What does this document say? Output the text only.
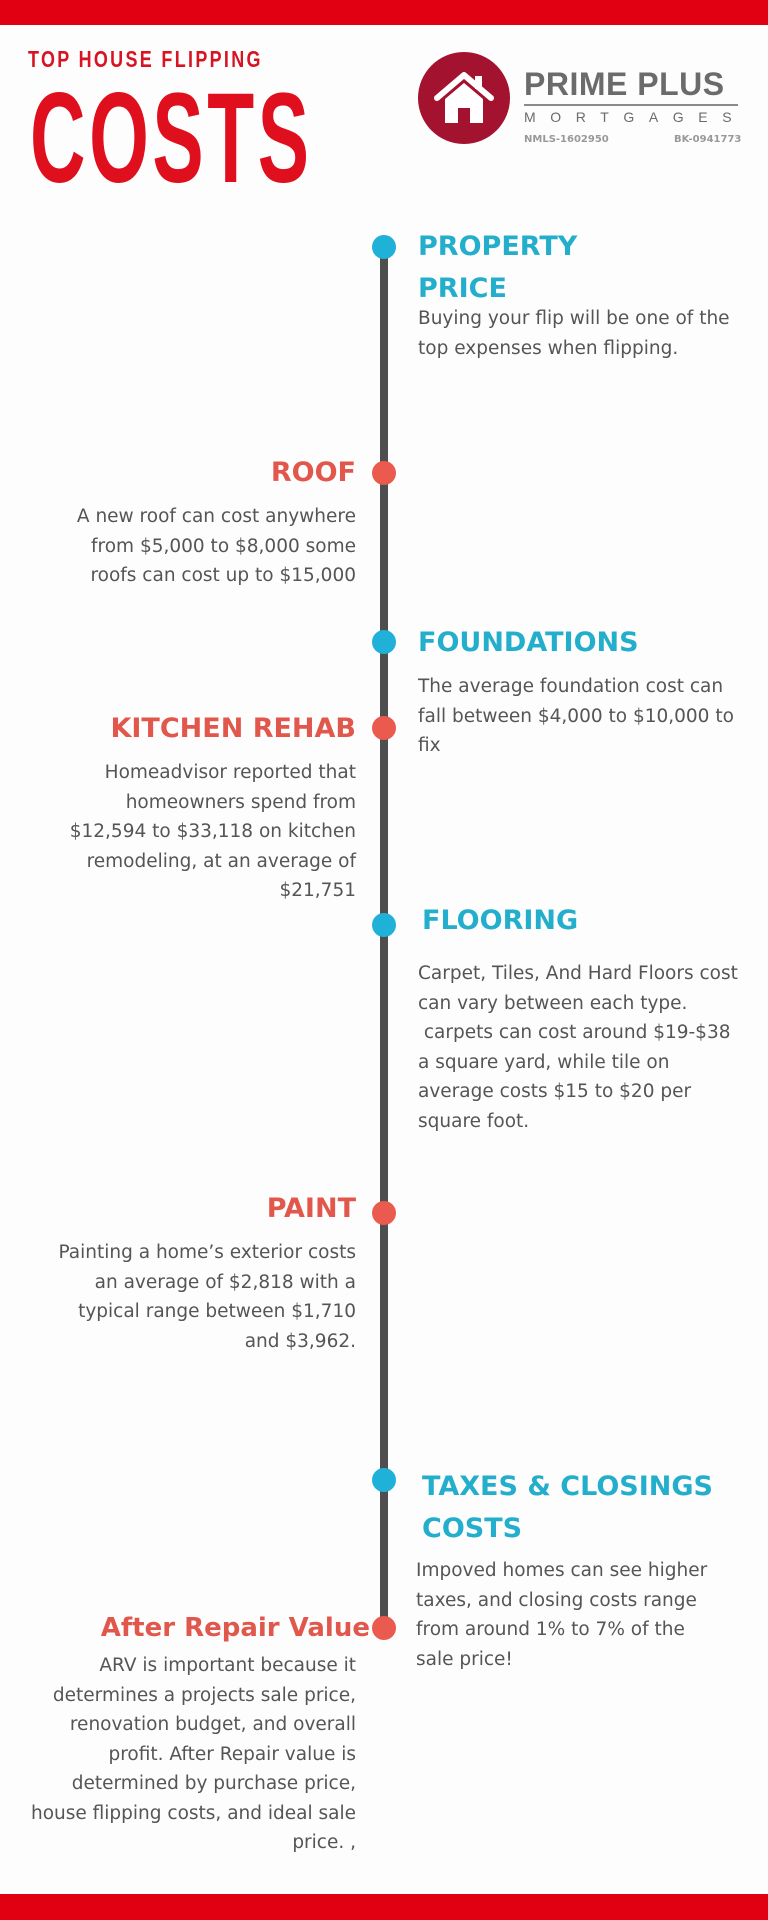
TOP HOUSE FLIPPING
COSTS	PRIME PLUS
MORTGAGES
NMLS-1602950	BK-0941773
PROPERTY
PRICE
Buying your flip will be one of the
top expenses when flipping.
ROOF
A new roof can cost anywhere
from $5,000 to $8,000 some
roofs can cost up to $15,000
FOUNDATIONS
The average foundation cost can
fall between $4,000 to $10,000 to
fix
KITCHEN REHAB
Homeadvisor reported that
homeowners spend from
$12,594 to $33,118 on kitchen
remodeling, at an average of
$21,751
FLOORING
Carpet, Tiles, And Hard Floors cost
can vary between each type.
carpets can cost around $19-$38
a square yard, while tile on
average costs $15 to $20 per
square foot.
PAINT
Painting a home’s exterior costs
an average of $2,818 with a
typical range between $1,710
and $3,962.
TAXES & CLOSINGS
COSTS
Impoved homes can see higher
taxes, and closing costs range
from around 1% to 7% of the
sale price!
After Repair Value
ARV is important because it
determines a projects sale price,
renovation budget, and overall
profit. After Repair value is
determined by purchase price,
house flipping costs, and ideal sale
price. ,
